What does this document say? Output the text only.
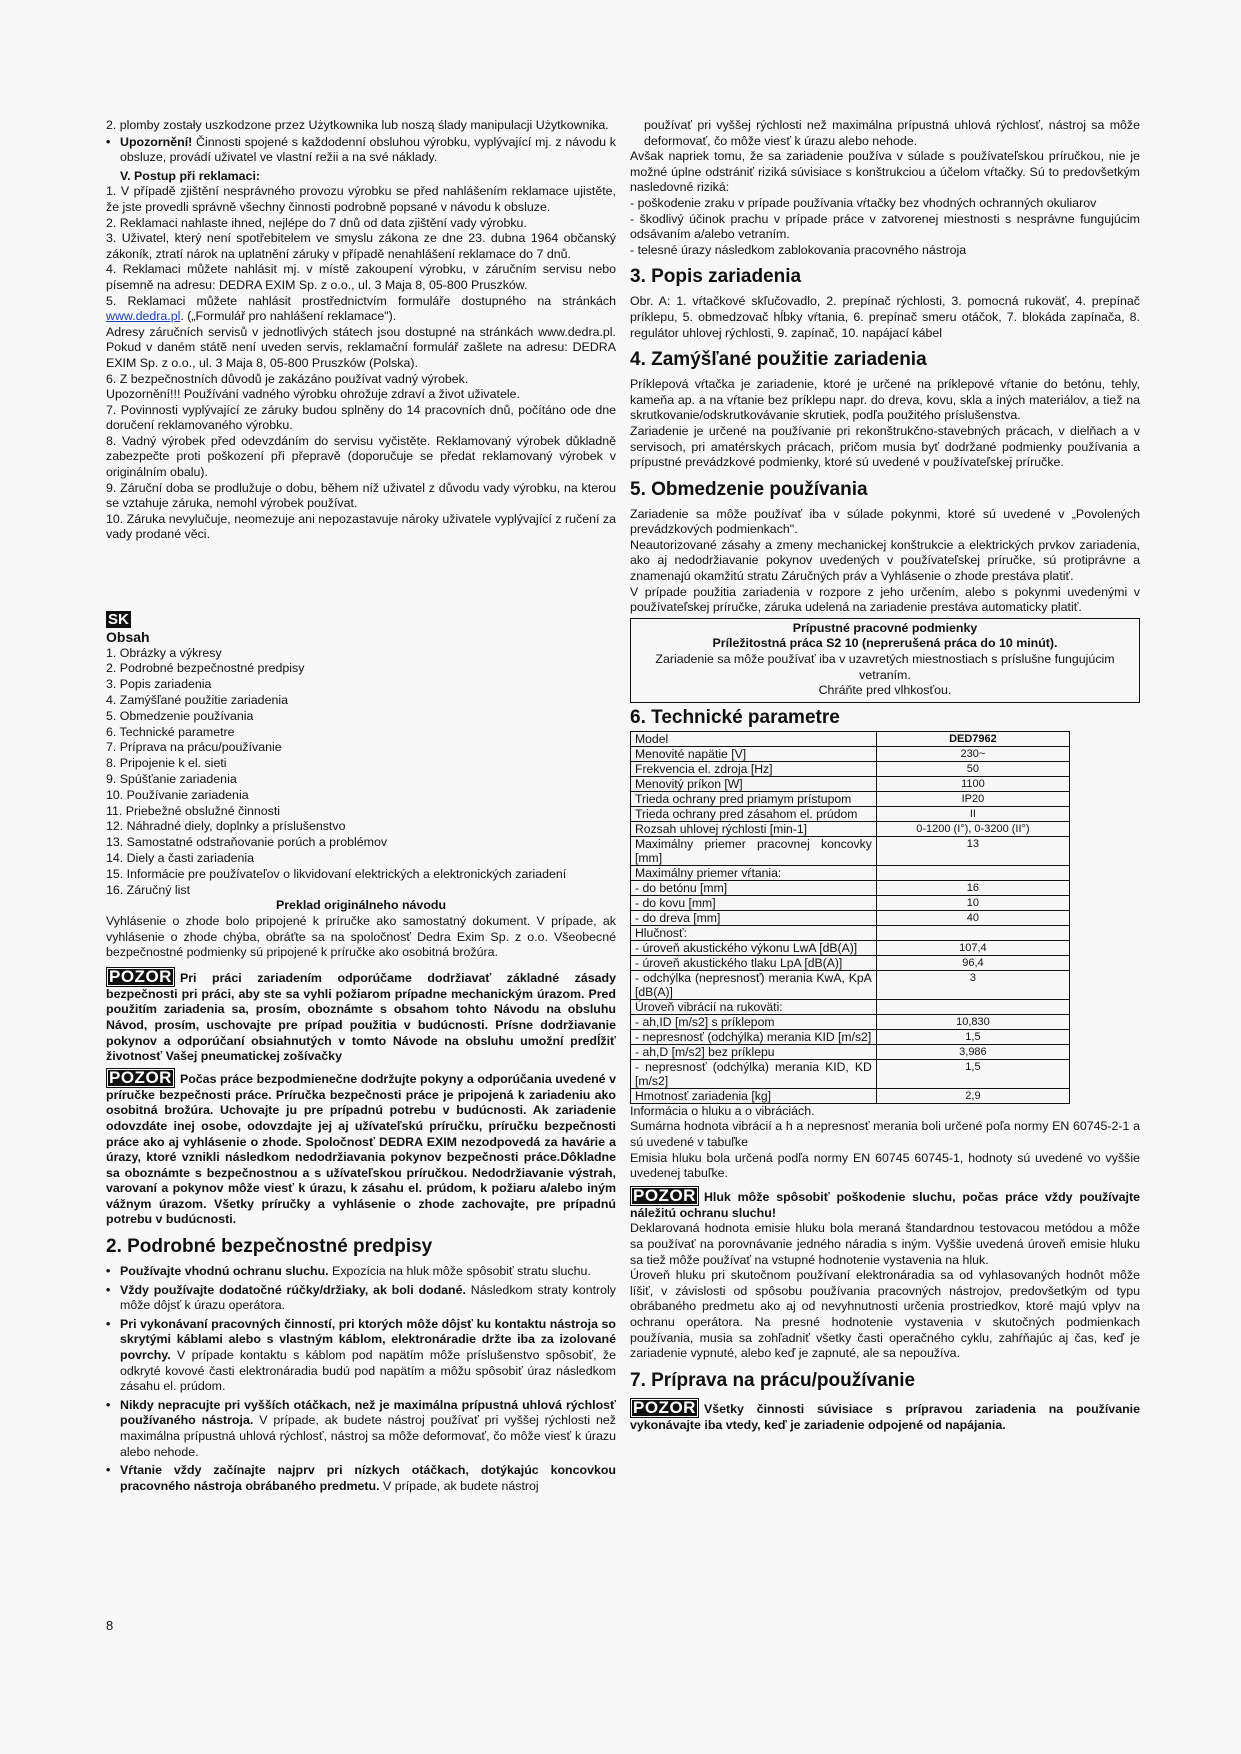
2. plomby zostały uszkodzone przez Użytkownika lub noszą ślady manipulacji Użytkownika.

• Upozornění! Činnosti spojené s každodenní obsluhou výrobku, vyplývající mj. z návodu k obsluze, provádí uživatel ve vlastní režii a na své náklady.

V. Postup při reklamaci:

1. V případě zjištění nesprávného provozu výrobku se před nahlášením reklamace ujistěte, že jste provedli správně všechny činnosti podrobně popsané v návodu k obsluze.

2. Reklamaci nahlaste ihned, nejlépe do 7 dnů od data zjištění vady výrobku.

3. Uživatel, který není spotřebitelem ve smyslu zákona ze dne 23. dubna 1964 občanský zákoník, ztratí nárok na uplatnění záruky v případě nenahlášení reklamace do 7 dnů.

4. Reklamaci můžete nahlásit mj. v místě zakoupení výrobku, v záručním servisu nebo písemně na adresu: DEDRA EXIM Sp. z o.o., ul. 3 Maja 8, 05-800 Pruszków.

5. Reklamaci můžete nahlásit prostřednictvím formuláře dostupného na stránkách www.dedra.pl. („Formulář pro nahlášení reklamace").

Adresy záručních servisů v jednotlivých státech jsou dostupné na stránkách www.dedra.pl. Pokud v daném státě není uveden servis, reklamační formulář zašlete na adresu: DEDRA EXIM Sp. z o.o., ul. 3 Maja 8, 05-800 Pruszków (Polska).

6. Z bezpečnostních důvodů je zakázáno používat vadný výrobek.

Upozornění!!! Používání vadného výrobku ohrožuje zdraví a život uživatele.

7. Povinnosti vyplývající ze záruky budou splněny do 14 pracovních dnů, počítáno ode dne doručení reklamovaného výrobku.

8. Vadný výrobek před odevzdáním do servisu vyčistěte. Reklamovaný výrobek důkladně zabezpečte proti poškození při přepravě (doporučuje se předat reklamovaný výrobek v originálním obalu).

9. Záruční doba se prodlužuje o dobu, během níž uživatel z důvodu vady výrobku, na kterou se vztahuje záruka, nemohl výrobek používat.

10. Záruka nevylučuje, neomezuje ani nepozastavuje nároky uživatele vyplývající z ručení za vady prodané věci.

SK

Obsah

1. Obrázky a výkresy

2. Podrobné bezpečnostné predpisy

3. Popis zariadenia

4. Zamýšľané použitie zariadenia

5. Obmedzenie používania

6. Technické parametre

7. Príprava na prácu/používanie

8. Pripojenie k el. sieti

9. Spúšťanie zariadenia

10. Používanie zariadenia

11. Priebežné obslužné činnosti

12. Náhradné diely, doplnky a príslušenstvo

13. Samostatné odstraňovanie porúch a problémov

14. Diely a časti zariadenia

15. Informácie pre používateľov o likvidovaní elektrických a elektronických zariadení

16. Záručný list

Preklad originálneho návodu

Vyhlásenie o zhode bolo pripojené k príručke ako samostatný dokument. V prípade, ak vyhlásenie o zhode chýba, obráťte sa na spoločnosť Dedra Exim Sp. z o.o. Všeobecné bezpečnostné podmienky sú pripojené k príručke ako osobitná brožúra.

POZOR Pri práci zariadením odporúčame dodržiavať základné zásady bezpečnosti pri práci, aby ste sa vyhli požiarom prípadne mechanickým úrazom. Pred použitím zariadenia sa, prosím, oboznámte s obsahom tohto Návodu na obsluhu Návod, prosím, uschovajte pre prípad použitia v budúcnosti. Prísne dodržiavanie pokynov a odporúčaní obsiahnutých v tomto Návode na obsluhu umožní predĺžiť životnosť Vašej pneumatickej zošívačky

POZOR Počas práce bezpodmienečne dodržujte pokyny a odporúčania uvedené v príručke bezpečnosti práce. Príručka bezpečnosti práce je pripojená k zariadeniu ako osobitná brožúra. Uchovajte ju pre prípadnú potrebu v budúcnosti. Ak zariadenie odovzdáte inej osobe, odovzdajte jej aj užívateľskú príručku, príručku bezpečnosti práce ako aj vyhlásenie o zhode. Spoločnosť DEDRA EXIM nezodpovedá za havárie a úrazy, ktoré vznikli následkom nedodržiavania pokynov bezpečnosti práce.Dôkladne sa oboznámte s bezpečnostnou a s užívateľskou príručkou. Nedodržiavanie výstrah, varovaní a pokynov môže viesť k úrazu, k zásahu el. prúdom, k požiaru a/alebo iným vážnym úrazom. Všetky príručky a vyhlásenie o zhode zachovajte, pre prípadnú potrebu v budúcnosti.

2. Podrobné bezpečnostné predpisy

• Používajte vhodnú ochranu sluchu. Expozícia na hluk môže spôsobiť stratu sluchu.

• Vždy používajte dodatočné rúčky/držiaky, ak boli dodané. Následkom straty kontroly môže dôjsť k úrazu operátora.

• Pri vykonávaní pracovných činností, pri ktorých môže dôjsť ku kontaktu nástroja so skrytými káblami alebo s vlastným káblom, elektronáradie držte iba za izolované povrchy. V prípade kontaktu s káblom pod napätím môže príslušenstvo spôsobiť, že odkryté kovové časti elektronáradia budú pod napätím a môžu spôsobiť úraz následkom zásahu el. prúdom.

• Nikdy nepracujte pri vyšších otáčkach, než je maximálna prípustná uhlová rýchlosť používaného nástroja. V prípade, ak budete nástroj používať pri vyššej rýchlosti než maximálna prípustná uhlová rýchlosť, nástroj sa môže deformovať, čo môže viesť k úrazu alebo nehode.

• Vŕtanie vždy začínajte najprv pri nízkych otáčkach, dotýkajúc koncovkou pracovného nástroja obrábaného predmetu. V prípade, ak budete nástroj

8

používať pri vyššej rýchlosti než maximálna prípustná uhlová rýchlosť, nástroj sa môže deformovať, čo môže viesť k úrazu alebo nehode.

Avšak napriek tomu, že sa zariadenie používa v súlade s používateľskou príručkou, nie je možné úplne odstrániť riziká súvisiace s konštrukciou a účelom vŕtačky. Sú to predovšetkým nasledovné riziká:

- poškodenie zraku v prípade používania vŕtačky bez vhodných ochranných okuliarov

- škodlivý účinok prachu v prípade práce v zatvorenej miestnosti s nesprávne fungujúcim odsávaním a/alebo vetraním.

- telesné úrazy následkom zablokovania pracovného nástroja

3. Popis zariadenia

Obr. A: 1. vŕtačkové skľučovadlo, 2. prepínač rýchlosti, 3. pomocná rukoväť, 4. prepínač príklepu, 5. obmedzovač hĺbky vŕtania, 6. prepínač smeru otáčok, 7. blokáda zapínača, 8. regulátor uhlovej rýchlosti, 9. zapínač, 10. napájací kábel

4. Zamýšľané použitie zariadenia

Príklepová vŕtačka je zariadenie, ktoré je určené na príklepové vŕtanie do betónu, tehly, kameňa ap. a na vŕtanie bez príklepu napr. do dreva, kovu, skla a iných materiálov, a tiež na skrutkovanie/odskrutkovávanie skrutiek, podľa použitého príslušenstva.

Zariadenie je určené na používanie pri rekonštrukčno-stavebných prácach, v dielňach a v servisoch, pri amatérskych prácach, pričom musia byť dodržané podmienky používania a prípustné prevádzkové podmienky, ktoré sú uvedené v používateľskej príručke.

5. Obmedzenie používania

Zariadenie sa môže používať iba v súlade pokynmi, ktoré sú uvedené v „Povolených prevádzkových podmienkach".

Neautorizované zásahy a zmeny mechanickej konštrukcie a elektrických prvkov zariadenia, ako aj nedodržiavanie pokynov uvedených v používateľskej príručke, sú protiprávne a znamenajú okamžitú stratu Záručných práv a Vyhlásenie o zhode prestáva platiť.

V prípade použitia zariadenia v rozpore z jeho určením, alebo s pokynmi uvedenými v používateľskej príručke, záruka udelená na zariadenie prestáva automaticky platiť.

Prípustné pracovné podmienky

Príležitostná práca S2 10 (neprerušená práca do 10 minút).

Zariadenie sa môže používať iba v uzavretých miestnostiach s príslušne fungujúcim vetraním.

Chráňte pred vlhkosťou.

6. Technické parametre
Model	DED7962
Menovité napätie [V]	230~
Frekvencia el. zdroja [Hz]	50
Menovitý príkon [W]	1100
Trieda ochrany pred priamym prístupom	IP20
Trieda ochrany pred zásahom el. prúdom	II
Rozsah uhlovej rýchlosti [min-1]	0-1200 (I°), 0-3200 (II°)
Maximálny priemer pracovnej koncovky [mm]	13
Maximálny priemer vŕtania:	
- do betónu [mm]	16
- do kovu [mm]	10
- do dreva [mm]	40
Hlučnosť:	
- úroveň akustického výkonu LwA [dB(A)]	107,4
- úroveň akustického tlaku LpA [dB(A)]	96,4
- odchýlka (nepresnosť) merania KwA, KpA [dB(A)]	3
Úroveň vibrácií na rukoväti:	
- ah,ID [m/s2] s príklepom	10,830
- nepresnosť (odchýlka) merania KID [m/s2]	1,5
- ah,D [m/s2] bez príklepu	3,986
- nepresnosť (odchýlka) merania KID, KD [m/s2]	1,5
Hmotnosť zariadenia [kg]	2,9

Informácia o hluku a o vibráciách.

Sumárna hodnota vibrácií a h a nepresnosť merania boli určené poľa normy EN 60745-2-1 a sú uvedené v tabuľke

Emisia hluku bola určená podľa normy EN 60745 60745-1, hodnoty sú uvedené vo vyššie uvedenej tabuľke.

POZOR Hluk môže spôsobiť poškodenie sluchu, počas práce vždy používajte náležitú ochranu sluchu!

Deklarovaná hodnota emisie hluku bola meraná štandardnou testovacou metódou a môže sa používať na porovnávanie jedného náradia s iným. Vyššie uvedená úroveň emisie hluku sa tiež môže používať na vstupné hodnotenie vystavenia na hluk.

Úroveň hluku pri skutočnom používaní elektronáradia sa od vyhlasovaných hodnôt môže líšiť, v závislosti od spôsobu používania pracovných nástrojov, predovšetkým od typu obrábaného predmetu ako aj od nevyhnutnosti určenia prostriedkov, ktoré majú vplyv na ochranu operátora. Na presné hodnotenie vystavenia v skutočných podmienkach používania, musia sa zohľadniť všetky časti operačného cyklu, zahŕňajúc aj čas, keď je zariadenie vypnuté, alebo keď je zapnuté, ale sa nepoužíva.

7. Príprava na prácu/používanie

POZOR Všetky činnosti súvisiace s prípravou zariadenia na používanie vykonávajte iba vtedy, keď je zariadenie odpojené od napájania.
